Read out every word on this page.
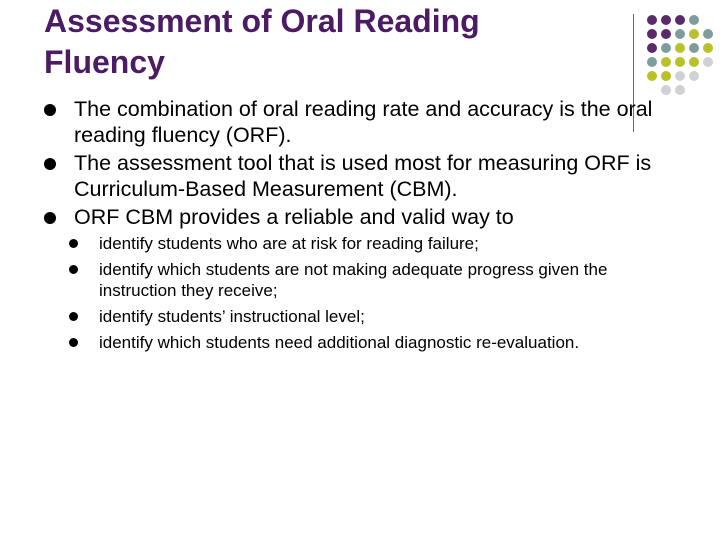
Assessment of Oral Reading Fluency
The combination of oral reading rate and accuracy is the oral reading fluency (ORF).
The assessment tool that is used most for measuring ORF is Curriculum-Based Measurement (CBM).
ORF CBM provides a reliable and valid way to
identify students who are at risk for reading failure;
identify which students are not making adequate progress given the instruction they receive;
identify students’ instructional level;
identify which students need additional diagnostic re-evaluation.
